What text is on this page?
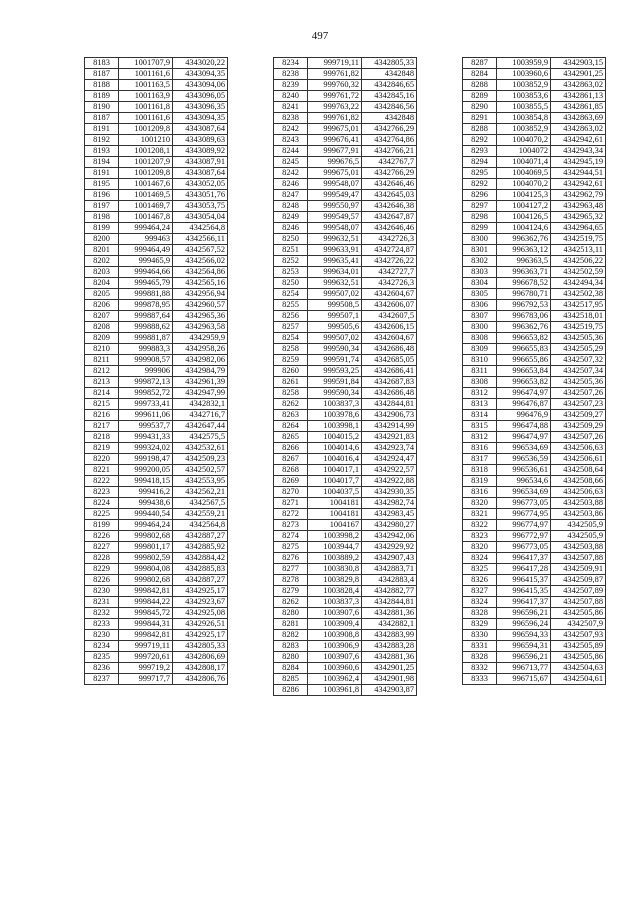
497
8183	1001707,9	4343020,22
8187	1001161,6	4343094,35
8188	1001163,5	4343094,06
8189	1001163,9	4343096,05
8190	1001161,8	4343096,35
8187	1001161,6	4343094,35
8191	1001209,8	4343087,64
8192	1001210	4343089,63
8193	1001208,1	4343089,92
8194	1001207,9	4343087,91
8191	1001209,8	4343087,64
8195	1001467,6	4343052,05
8196	1001469,5	4343051,76
8197	1001469,7	4343053,75
8198	1001467,8	4343054,04
8199	999464,24	4342564,8
8200	999463	4342566,11
8201	999464,49	4342567,52
8202	999465,9	4342566,02
8203	999464,66	4342564,86
8204	999465,79	4342565,16
8205	999881,88	4342956,94
8206	999878,95	4342960,57
8207	999887,64	4342965,36
8208	999888,62	4342963,58
8209	999881,87	4342959,9
8210	999883,3	4342958,26
8211	999908,57	4342982,06
8212	999906	4342984,79
8213	999872,13	4342961,39
8214	999852,72	4342947,99
8215	999733,41	4342832,1
8216	999611,06	4342716,7
8217	999537,7	4342647,44
8218	999431,33	4342575,5
8219	999324,02	4342532,61
8220	999198,47	4342509,23
8221	999200,05	4342502,57
8222	999418,15	4342553,95
8223	999416,2	4342562,21
8224	999438,6	4342567,5
8225	999440,54	4342559,21
8199	999464,24	4342564,8
8226	999802,68	4342887,27
8227	999801,17	4342885,92
8228	999802,59	4342884,42
8229	999804,08	4342885,83
8226	999802,68	4342887,27
8230	999842,81	4342925,17
8231	999844,22	4342923,67
8232	999845,72	4342925,08
8233	999844,31	4342926,51
8230	999842,81	4342925,17
8234	999719,11	4342805,33
8235	999720,61	4342806,69
8236	999719,2	4342808,17
8237	999717,7	4342806,76
8234	999719,11	4342805,33
8238	999761,82	4342848
8239	999760,32	4342846,65
8240	999761,72	4342845,16
8241	999763,22	4342846,56
8238	999761,82	4342848
8242	999675,01	4342766,29
8243	999676,41	4342764,86
8244	999677,91	4342766,21
8245	999676,5	4342767,7
8242	999675,01	4342766,29
8246	999548,07	4342646,46
8247	999549,47	4342645,03
8248	999550,97	4342646,38
8249	999549,57	4342647,87
8246	999548,07	4342646,46
8250	999632,51	4342726,3
8251	999633,91	4342724,87
8252	999635,41	4342726,22
8253	999634,01	4342727,7
8250	999632,51	4342726,3
8254	999507,02	4342604,67
8255	999508,5	4342606,07
8256	999507,1	4342607,5
8257	999505,6	4342606,15
8254	999507,02	4342604,67
8258	999590,34	4342686,48
8259	999591,74	4342685,05
8260	999593,25	4342686,41
8261	999591,84	4342687,83
8258	999590,34	4342686,48
8262	1003837,3	4342844,81
8263	1003978,6	4342906,73
8264	1003998,1	4342914,99
8265	1004015,2	4342921,83
8266	1004014,6	4342923,74
8267	1004016,4	4342924,47
8268	1004017,1	4342922,57
8269	1004017,7	4342922,88
8270	1004037,5	4342930,35
8271	1004181	4342982,74
8272	1004181	4342983,45
8273	1004167	4342980,27
8274	1003998,2	4342942,06
8275	1003944,7	4342929,92
8276	1003889,2	4342907,43
8277	1003830,8	4342883,71
8278	1003829,8	4342883,4
8279	1003828,4	4342882,77
8262	1003837,3	4342844,81
8280	1003907,6	4342881,36
8281	1003909,4	4342882,1
8282	1003908,8	4342883,99
8283	1003906,9	4342883,28
8280	1003907,6	4342881,36
8284	1003960,6	4342901,25
8285	1003962,4	4342901,98
8286	1003961,8	4342903,87
8287	1003959,9	4342903,15
8284	1003960,6	4342901,25
8288	1003852,9	4342863,02
8289	1003853,6	4342861,13
8290	1003855,5	4342861,85
8291	1003854,8	4342863,69
8288	1003852,9	4342863,02
8292	1004070,2	4342942,61
8293	1004072	4342943,34
8294	1004071,4	4342945,19
8295	1004069,5	4342944,51
8292	1004070,2	4342942,61
8296	1004125,3	4342962,79
8297	1004127,2	4342963,48
8298	1004126,5	4342965,32
8299	1004124,6	4342964,65
8300	996362,76	4342519,75
8301	996363,12	4342513,11
8302	996363,5	4342506,22
8303	996363,71	4342502,59
8304	996678,52	4342494,34
8305	996780,71	4342502,38
8306	996792,53	4342517,95
8307	996783,06	4342518,01
8300	996362,76	4342519,75
8308	996653,82	4342505,36
8309	996655,83	4342505,29
8310	996655,86	4342507,32
8311	996653,84	4342507,34
8308	996653,82	4342505,36
8312	996474,97	4342507,26
8313	996476,87	4342507,23
8314	996476,9	4342509,27
8315	996474,88	4342509,29
8312	996474,97	4342507,26
8316	996534,69	4342506,63
8317	996536,59	4342506,61
8318	996536,61	4342508,64
8319	996534,6	4342508,66
8316	996534,69	4342506,63
8320	996773,05	4342503,88
8321	996774,95	4342503,86
8322	996774,97	4342505,9
8323	996772,97	4342505,9
8320	996773,05	4342503,88
8324	996417,37	4342507,88
8325	996417,28	4342509,91
8326	996415,37	4342509,87
8327	996415,35	4342507,89
8324	996417,37	4342507,88
8328	996596,21	4342505,86
8329	996596,24	4342507,9
8330	996594,33	4342507,93
8331	996594,31	4342505,89
8328	996596,21	4342505,86
8332	996713,77	4342504,63
8333	996715,67	4342504,61
